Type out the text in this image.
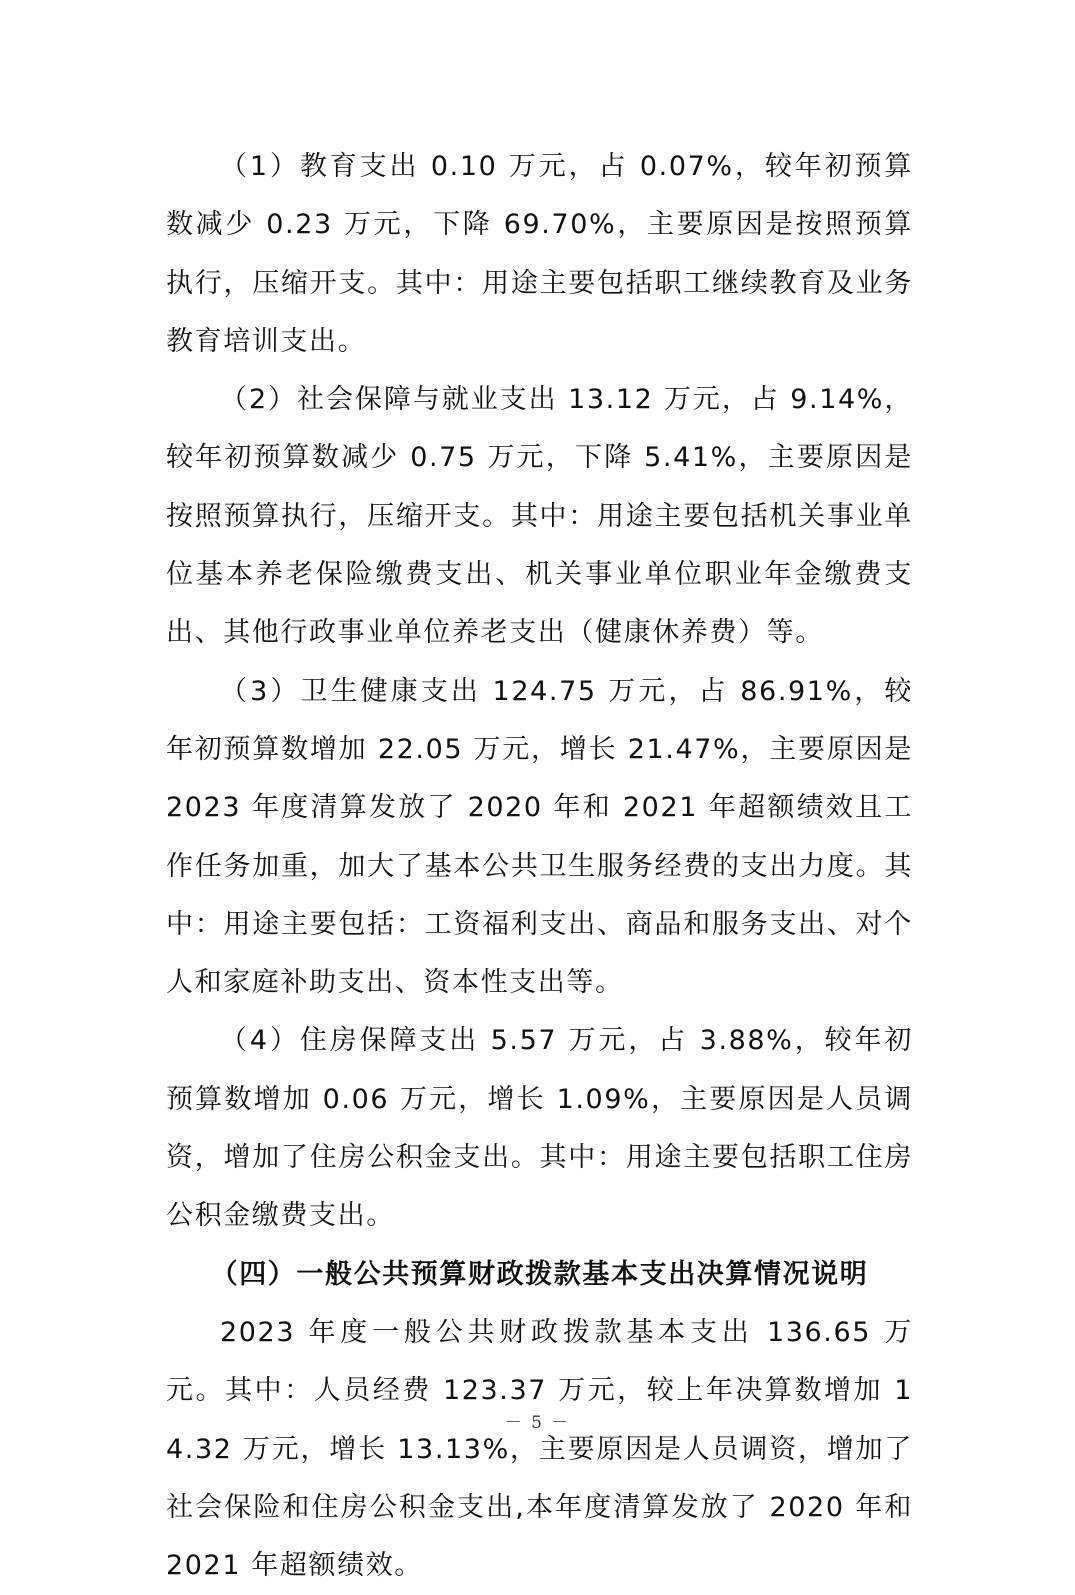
（1）教育支出 0.10 万元，占 0.07%，较年初预算数减少 0.23 万元，下降 69.70%，主要原因是按照预算执行，压缩开支。其中：用途主要包括职工继续教育及业务教育培训支出。

（2）社会保障与就业支出 13.12 万元，占 9.14%，较年初预算数减少 0.75 万元，下降 5.41%，主要原因是按照预算执行，压缩开支。其中：用途主要包括机关事业单位基本养老保险缴费支出、机关事业单位职业年金缴费支出、其他行政事业单位养老支出（健康休养费）等。

（3）卫生健康支出 124.75 万元，占 86.91%，较年初预算数增加 22.05 万元，增长 21.47%，主要原因是 2023 年度清算发放了 2020 年和 2021 年超额绩效且工作任务加重，加大了基本公共卫生服务经费的支出力度。其中：用途主要包括：工资福利支出、商品和服务支出、对个人和家庭补助支出、资本性支出等。

（4）住房保障支出 5.57 万元，占 3.88%，较年初预算数增加 0.06 万元，增长 1.09%，主要原因是人员调资，增加了住房公积金支出。其中：用途主要包括职工住房公积金缴费支出。

（四）一般公共预算财政拨款基本支出决算情况说明

2023 年度一般公共财政拨款基本支出 136.65 万元。其中：人员经费 123.37 万元，较上年决算数增加 14.32 万元，增长 13.13%，主要原因是人员调资，增加了社会保险和住房公积金支出,本年度清算发放了 2020 年和 2021 年超额绩效。

－ 5 －
